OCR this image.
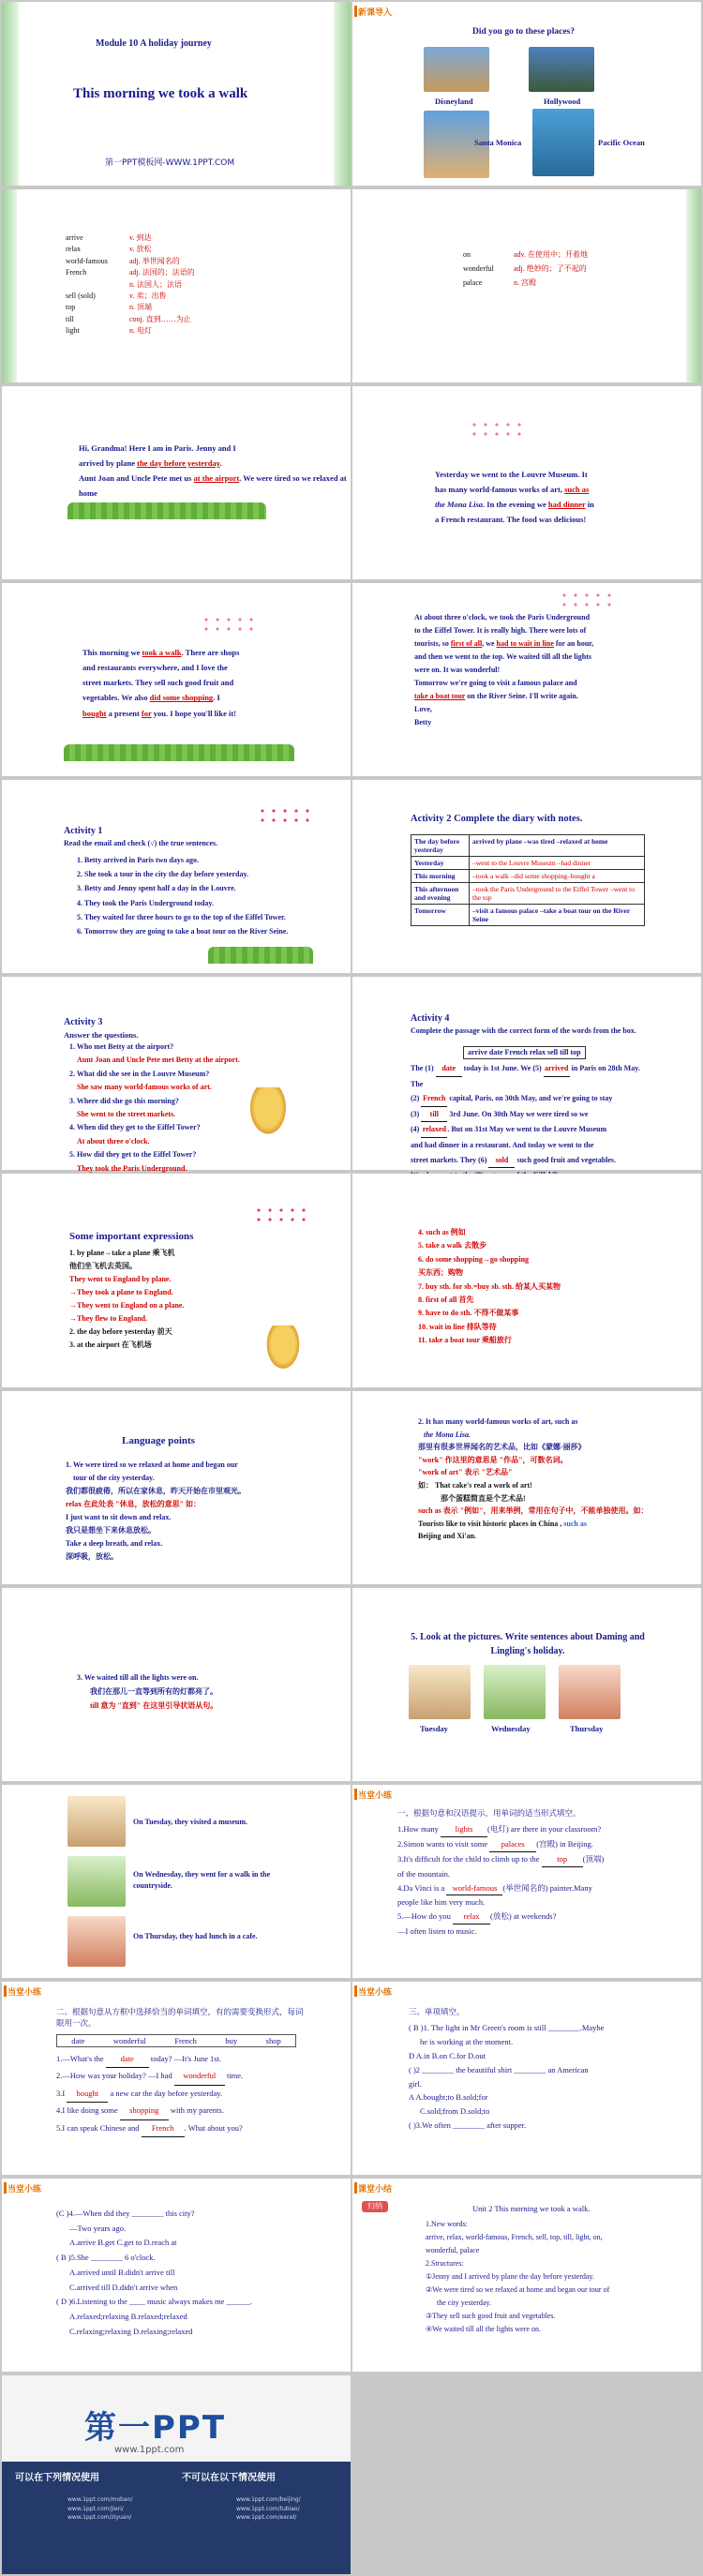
Module 10 A holiday journey
This morning we took a walk
第一PPT模板网-WWW.1PPT.COM
新课导入
Did you go to these places?
Disneyland	Hollywood
Santa Monica	Pacific Ocean
arrive	v. 到达
relax	v. 放松
world-famous	adj. 举世闻名的
French	adj. 法国的；法语的
n. 法国人；法语
sell (sold)	v. 卖；出售
top	n. 顶端
till	conj. 直到……为止
light	n. 电灯
on	adv. 在使用中；开着地
wonderful	adj. 绝妙的；了不起的
palace	n. 宫殿
Hi, Grandma! Here I am in Paris. Jenny and I
arrived by plane the day before yesterday.
Aunt Joan and Uncle Pete met us at the airport. We were tired so we relaxed at home

Yesterday we went to the Louvre Museum. It
has many world-famous works of art, such as
the Mona Lisa. In the evening we had dinner in
a French restaurant. The food was delicious!
This morning we took a walk. There are shops
and restaurants everywhere, and I love the
street markets. They sell such good fruit and
vegetables. We also did some shopping. I
bought a present for you. I hope you'll like it!
At about three o'clock, we took the Paris Underground
to the Eiffel Tower. It is really high. There were lots of
tourists, so first of all, we had to wait in line for an hour,
and then we went to the top. We waited till all the lights
were on. It was wonderful!
Tomorrow we're going to visit a famous palace and
take a boat tour on the River Seine. I'll write again.
Love,
Betty
Activity 1
Read the email and check (√) the true sentences.
1. Betty arrived in Paris two days ago.
2. She took a tour in the city the day before yesterday.
3. Betty and Jenny spent half a day in the Louvre.
4. They took the Paris Underground today.
5. They waited for three hours to go to the top of the Eiffel Tower.
6. Tomorrow they are going to take a boat tour on the River Seine.
Activity 2 Complete the diary with notes.
The day before yesterday	arrived by plane –was tired –relaxed at home
Yesterday	–went to the Louvre Museum –had dinner
This morning	–took a walk –did some shopping–bought a
This afternoon and evening	–took the Paris Underground to the Eiffel Tower –went to the top
Tomorrow	–visit a famous palace –take a boat tour on the River Seine
Activity 3
Answer the questions.
1. Who met Betty at the airport?
Aunt Joan and Uncle Pete met Betty at the airport.
2. What did she see in the Louvre Museum?
She saw many world-famous works of art.
3. Where did she go this morning?
She went to the street markets.
4. When did they get to the Eiffel Tower?
At about three o'clock.
5. How did they get to the Eiffel Tower?
They took the Paris Underground.
Activity 4
Complete the passage with the correct form of the words from the box.
arrive date French relax sell till top
The (1) date today is 1st June. We (5) arrived in Paris on 28th May. The
(2) French capital, Paris, on 30th May, and we're going to stay
(3) till 3rd June. On 30th May we were tired so we
(4) relaxed. But on 31st May we went to the Louvre Museum
and had dinner in a restaurant. And today we went to the
street markets. They (6) sold such good fruit and vegetables.

Some important expressions
1. by plane→take a plane 乘飞机
他们坐飞机去英国。
They went to England by plane.
→They took a plane to England.
→They went to England on a plane.
→They flew to England.
2. the day before yesterday 前天
3. at the airport 在飞机场
4. such as 例如
5. take a walk 去散步
6. do some shopping→go shopping
买东西；购物
7. buy sth. for sb.=buy sb. sth. 给某人买某物
8. first of all 首先
9. have to do sth. 不得不做某事
10. wait in line 排队等待
11. take a boat tour 乘船旅行
Language points
1. We were tired so we relaxed at home and began our
tour of the city yesterday.
我们都很疲倦，所以在家休息，昨天开始在市里观光。
relax 在此处表 "休息，放松的意思" 如：
I just want to sit down and relax.
我只是想坐下来休息放松。
Take a deep breath, and relax.
深呼吸，放松。
2. It has many world-famous works of art, such as
the Mona Lisa.
那里有很多世界闻名的艺术品，比如《蒙娜·丽莎》
"work" 作这里的意思是 "作品"，可数名词。
"work of art" 表示 "艺术品"
如： That cake's real a work of art!
那个蛋糕简直是个艺术品!
such as 表示 "例如"，用来举例，常用在句子中，不能单独使用。如：
Tourists like to visit historic places in China , such as
Beijing and Xi'an.
3. We waited till all the lights were on.
我们在那儿一直等到所有的灯都亮了。
till 意为 "直到" 在这里引导状语从句。
5. Look at the pictures. Write sentences about Daming and Lingling's holiday.
Tuesday	Wednesday	Thursday
On Tuesday, they visited a museum.
On Wednesday, they went for a walk in the countryside.
On Thursday, they had lunch in a cafe.
当堂小练
一、根据句意和汉语提示，用单词的适当形式填空。
1.How many lights (电灯) are there in your classroom?
2.Simon wants to visit some palaces (宫殿) in Beijing.
3.It's difficult for the child to climb up to the top (顶端)
of the mountain.
4.Da Vinci is a world-famous (举世闻名的) painter.Many
people like him very much.
5.—How do you relax (放松) at weekends?
—I often listen to music.
当堂小练
二、根据句意从方框中选择恰当的单词填空，有的需要变换形式，每词限用一次。
date	wonderful	French	buy	shop
1.—What's the date today? —It's June 1st.
2.—How was your holiday? —I had wonderful time.
3.I bought a new car the day before yesterday.
4.I like doing some shopping with my parents.
5.I can speak Chinese and French . What about you?
当堂小练
三、单项填空。
( B )1. The light in Mr Green's room is still ________.Maybe
he is working at the moment.
D A.in B.on C.for D.out
( )2 ________ the beautiful shirt ________ an American
girl.
A A.bought;to B.sold;for
C.sold;from D.sold;to
( )3.We often ________ after supper.
当堂小练
(C )4.—When did they ________ this city?
—Two years ago.
A.arrive B.get C.get to D.reach at
( B )5.She ________ 6 o'clock.
A.arrived until B.didn't arrive till
C.arrived till D.didn't arrive when
( D )6.Listening to the ____ music always makes me ______.
A.relaxed;relaxing B.relaxed;relaxed
C.relaxing;relaxing D.relaxing;relaxed
课堂小结
归纳	Unit 2 This morning we took a walk.
1.New words:
arrive, relax, world-famous, French, sell, top, till, light, on,
wonderful, palace
2.Structures:
①Jenny and I arrived by plane the day before yesterday.
②We were tired so we relaxed at home and began our tour of
the city yesterday.
③They sell such good fruit and vegetables.
④We waited till all the lights were on.
第一PPT
www.1ppt.com
可以在下列情况使用	不可以在以下情况使用
www.1ppt.com/moban/
www.1ppt.com/jieri/
www.1ppt.com/ziyuan/
www.1ppt.com/beijing/
www.1ppt.com/tubiao/
www.1ppt.com/excel/
